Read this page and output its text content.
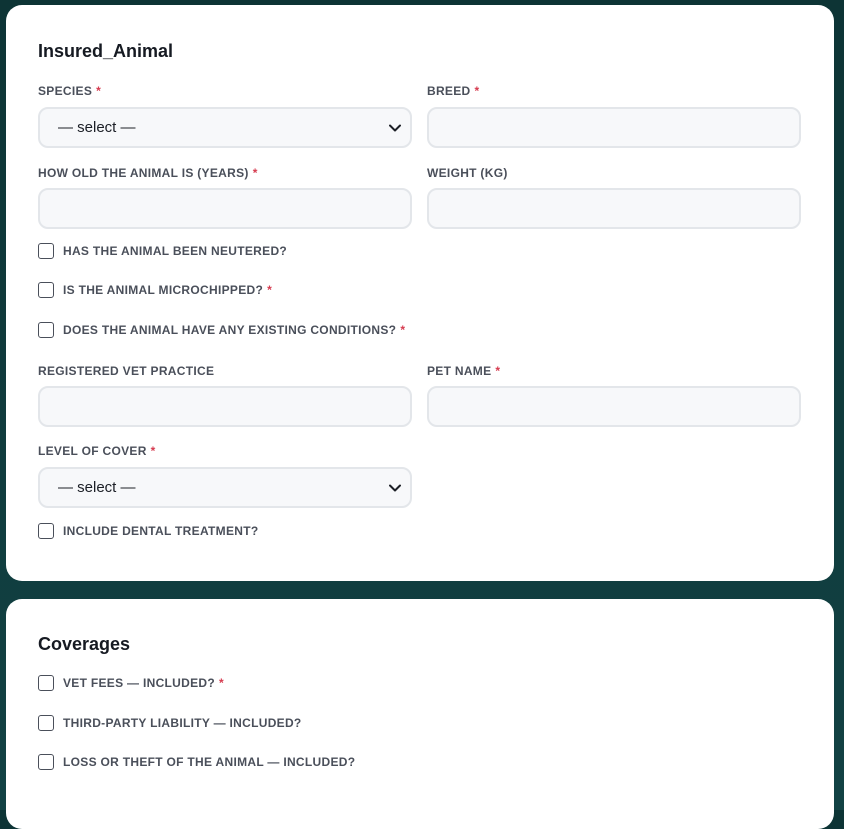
Insured_Animal
SPECIES *
— select —
BREED *
HOW OLD THE ANIMAL IS (YEARS) *	WEIGHT (KG)
HAS THE ANIMAL BEEN NEUTERED?
IS THE ANIMAL MICROCHIPPED? *
DOES THE ANIMAL HAVE ANY EXISTING CONDITIONS? *
REGISTERED VET PRACTICE	PET NAME *
LEVEL OF COVER *
— select —
INCLUDE DENTAL TREATMENT?
Coverages
VET FEES — INCLUDED? *
THIRD-PARTY LIABILITY — INCLUDED?
LOSS OR THEFT OF THE ANIMAL — INCLUDED?
